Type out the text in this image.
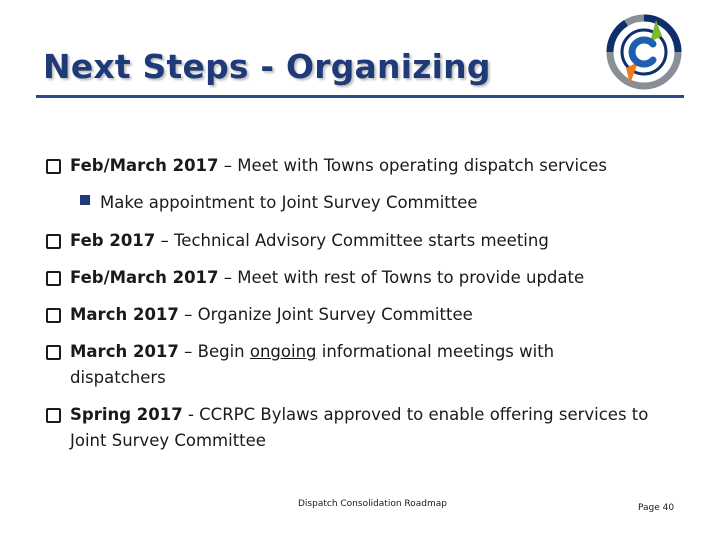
Next Steps - Organizing
Feb/March 2017 – Meet with Towns operating dispatch services
Make appointment to Joint Survey Committee
Feb 2017 – Technical Advisory Committee starts meeting
Feb/March 2017 – Meet with rest of Towns to provide update
March 2017 – Organize Joint Survey Committee
March 2017 – Begin ongoing informational meetings with dispatchers
Spring 2017 - CCRPC Bylaws approved to enable offering services to Joint Survey Committee
Dispatch Consolidation Roadmap	Page 40
